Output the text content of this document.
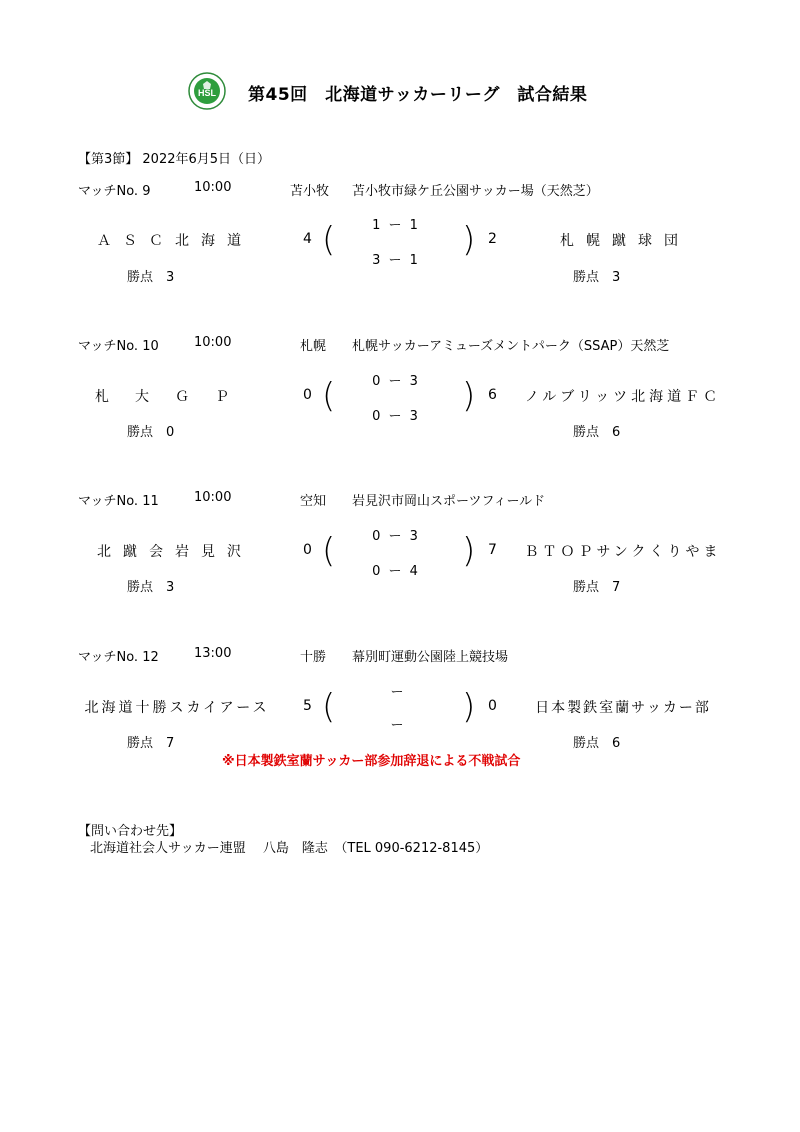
HSL 第45回　北海道サッカーリーグ　試合結果
【第3節】 2022年6月5日（日）
マッチNo. 9	10:00	苫小牧 苫小牧市緑ケ丘公園サッカー場（天然芝）
ＡＳＣ北海道	4 (	1 ー 1
3 ー 1
) 2	札幌蹴球団
勝点　3	勝点　3
マッチNo. 10	10:00	札幌 札幌サッカーアミューズメントパーク（SSAP）天然芝
札大ＧＰ	0 (	0 ー 3
0 ー 3
) 6	ノルブリッツ北海道ＦＣ
勝点　0	勝点　6
マッチNo. 11	10:00	空知 岩見沢市岡山スポーツフィールド
北蹴会岩見沢	0 (	0 ー 3
0 ー 4
) 7	ＢＴＯＰサンクくりやま
勝点　3	勝点　7
マッチNo. 12	13:00	十勝 幕別町運動公園陸上競技場
北海道十勝スカイアース	5 (	ー
ー	) 0	日本製鉄室蘭サッカー部
勝点　7	勝点　6
※日本製鉄室蘭サッカー部参加辞退による不戦試合
【問い合わせ先】
北海道社会人サッカー連盟　 八島　隆志　（TEL 090-6212-8145）
